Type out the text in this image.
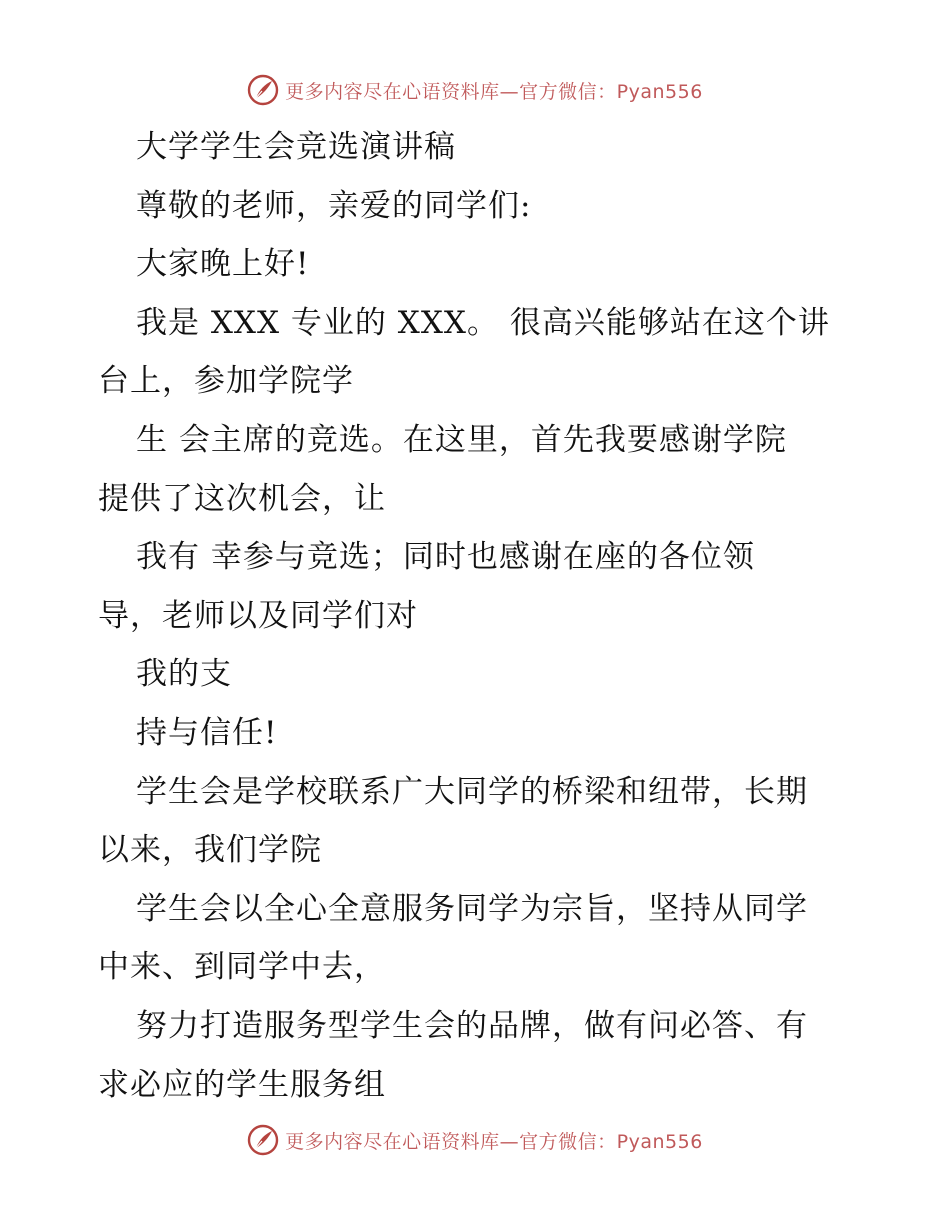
更多内容尽在心语资料库—官方微信：Pyan556
大学学生会竞选演讲稿
尊敬的老师，亲爱的同学们:
大家晚上好!
我是 XXX 专业的 XXX。 很高兴能够站在这个讲
台上，参加学院学
生 会主席的竞选。在这里，首先我要感谢学院
提供了这次机会，让
我有 幸参与竞选；同时也感谢在座的各位领
导，老师以及同学们对
我的支
持与信任!
学生会是学校联系广大同学的桥梁和纽带，长期
以来，我们学院
学生会以全心全意服务同学为宗旨，坚持从同学
中来、到同学中去，
努力打造服务型学生会的品牌，做有问必答、有
求必应的学生服务组
更多内容尽在心语资料库—官方微信：Pyan556
